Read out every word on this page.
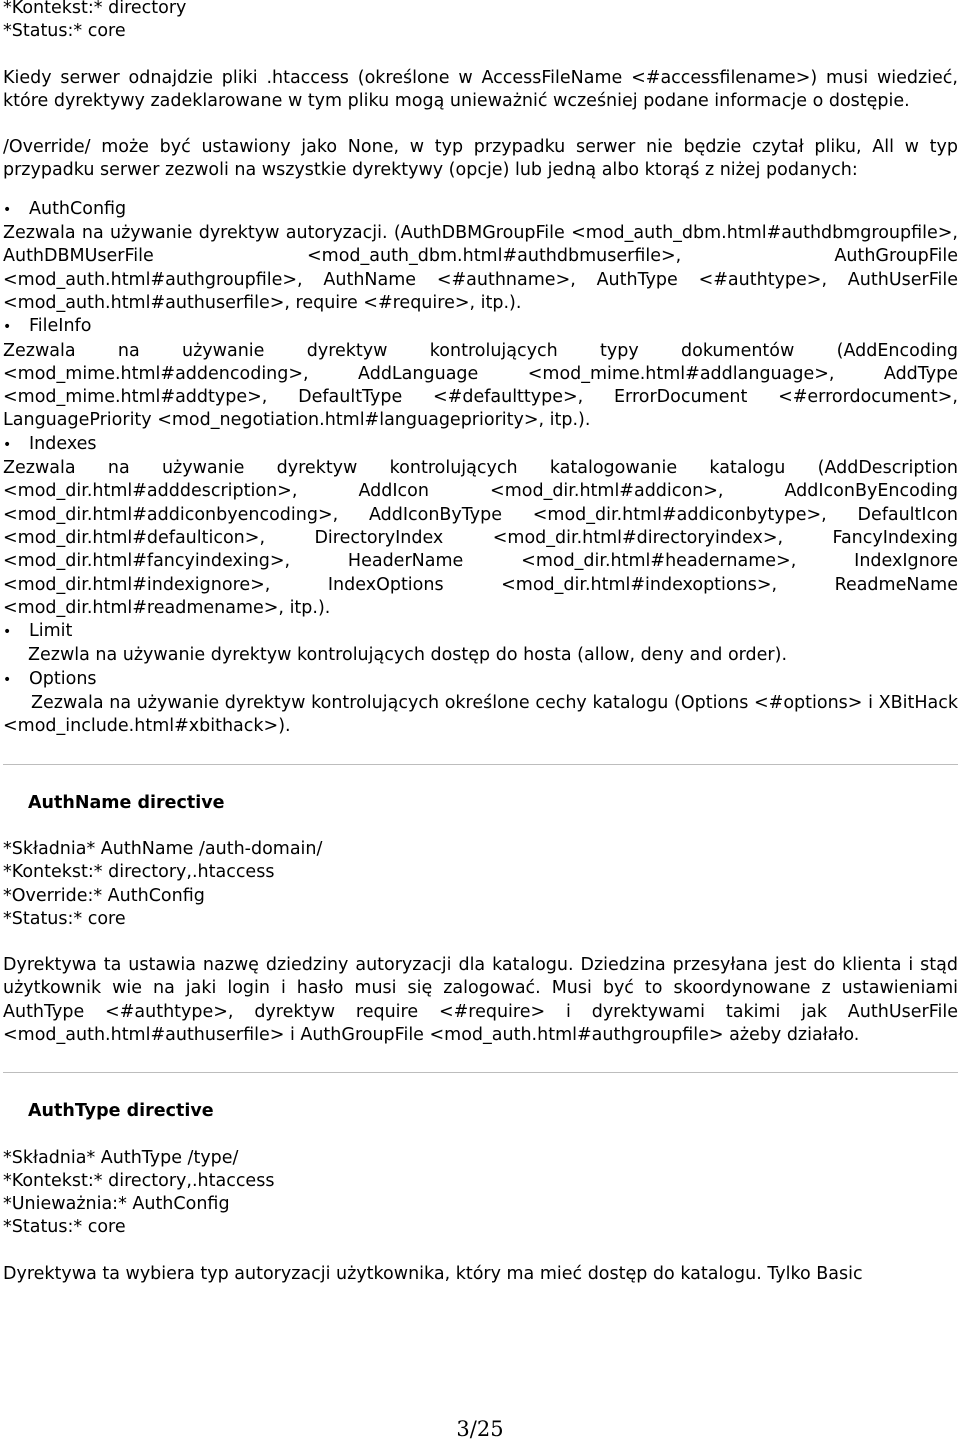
*Kontekst:* directory

*Status:* core

Kiedy serwer odnajdzie pliki .htaccess (określone w AccessFileName <#accessfilename>) musi wiedzieć, które dyrektywy zadeklarowane w tym pliku mogą unieważnić wcześniej podane informacje o dostępie.

/Override/ może być ustawiony jako None, w typ przypadku serwer nie będzie czytał pliku, All w typ przypadku serwer zezwoli na wszystkie dyrektywy (opcje) lub jedną albo ktorąś z niżej podanych:

•	AuthConfig

Zezwala na używanie dyrektyw autoryzacji. (AuthDBMGroupFile <mod_auth_dbm.html#authdbmgroupfile>, AuthDBMUserFile <mod_auth_dbm.html#authdbmuserfile>, AuthGroupFile <mod_auth.html#authgroupfile>, AuthName <#authname>, AuthType <#authtype>, AuthUserFile <mod_auth.html#authuserfile>, require <#require>, itp.).

•	FileInfo

Zezwala na używanie dyrektyw kontrolujących typy dokumentów (AddEncoding <mod_mime.html#addencoding>, AddLanguage <mod_mime.html#addlanguage>, AddType <mod_mime.html#addtype>, DefaultType <#defaulttype>, ErrorDocument <#errordocument>, LanguagePriority <mod_negotiation.html#languagepriority>, itp.).

•	Indexes

Zezwala na używanie dyrektyw kontrolujących katalogowanie katalogu (AddDescription <mod_dir.html#adddescription>, AddIcon <mod_dir.html#addicon>, AddIconByEncoding <mod_dir.html#addiconbyencoding>, AddIconByType <mod_dir.html#addiconbytype>, DefaultIcon <mod_dir.html#defaulticon>, DirectoryIndex <mod_dir.html#directoryindex>, FancyIndexing <mod_dir.html#fancyindexing>, HeaderName <mod_dir.html#headername>, IndexIgnore <mod_dir.html#indexignore>, IndexOptions <mod_dir.html#indexoptions>, ReadmeName <mod_dir.html#readmename>, itp.).

•	Limit

Zezwla na używanie dyrektyw kontrolujących dostęp do hosta (allow, deny and order).

•	Options

Zezwala na używanie dyrektyw kontrolujących określone cechy katalogu (Options <#options> i XBitHack <mod_include.html#xbithack>).

AuthName directive

*Składnia* AuthName /auth-domain/

*Kontekst:* directory,.htaccess

*Override:* AuthConfig

*Status:* core

Dyrektywa ta ustawia nazwę dziedziny autoryzacji dla katalogu. Dziedzina przesyłana jest do klienta i stąd użytkownik wie na jaki login i hasło musi się zalogować. Musi być to skoordynowane z ustawieniami AuthType <#authtype>, dyrektyw require <#require> i dyrektywami takimi jak AuthUserFile <mod_auth.html#authuserfile> i AuthGroupFile <mod_auth.html#authgroupfile> ażeby działało.

AuthType directive

*Składnia* AuthType /type/

*Kontekst:* directory,.htaccess

*Unieważnia:* AuthConfig

*Status:* core

Dyrektywa ta wybiera typ autoryzacji użytkownika, który ma mieć dostęp do katalogu. Tylko Basic

3/25
